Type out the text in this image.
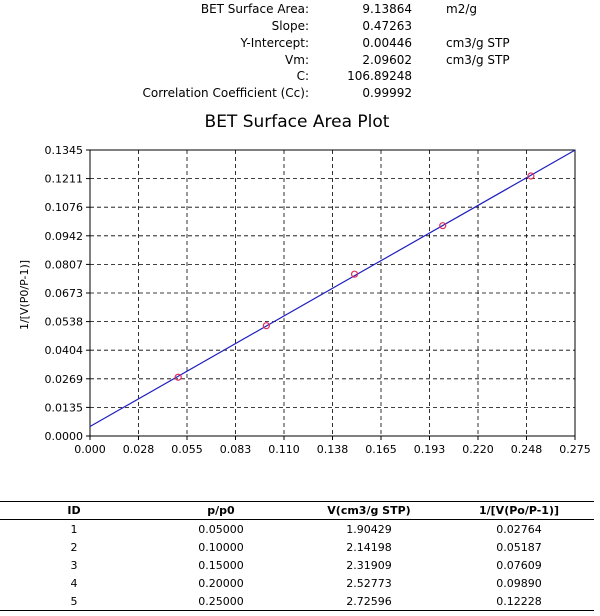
BET Surface Area:	9.13864	m2/g
Slope:	0.47263
Y-Intercept:	0.00446	cm3/g STP
Vm:	2.09602	cm3/g STP
C:	106.89248
Correlation Coefficient (Cc):	0.99992
BET Surface Area Plot
1/[V(P0/P-1)]
0.000 0.028 0.055 0.083 0.110 0.138 0.165 0.193 0.220 0.248 0.275
0.0000
0.0135
0.0269
0.0404
0.0538
0.0673
0.0807
0.0942
0.1076
0.1211
0.1345
ID	p/p0	V(cm3/g STP)	1/[V(Po/P-1)]
1	0.05000	1.90429	0.02764
2	0.10000	2.14198	0.05187
3	0.15000	2.31909	0.07609
4	0.20000	2.52773	0.09890
5	0.25000	2.72596	0.12228
